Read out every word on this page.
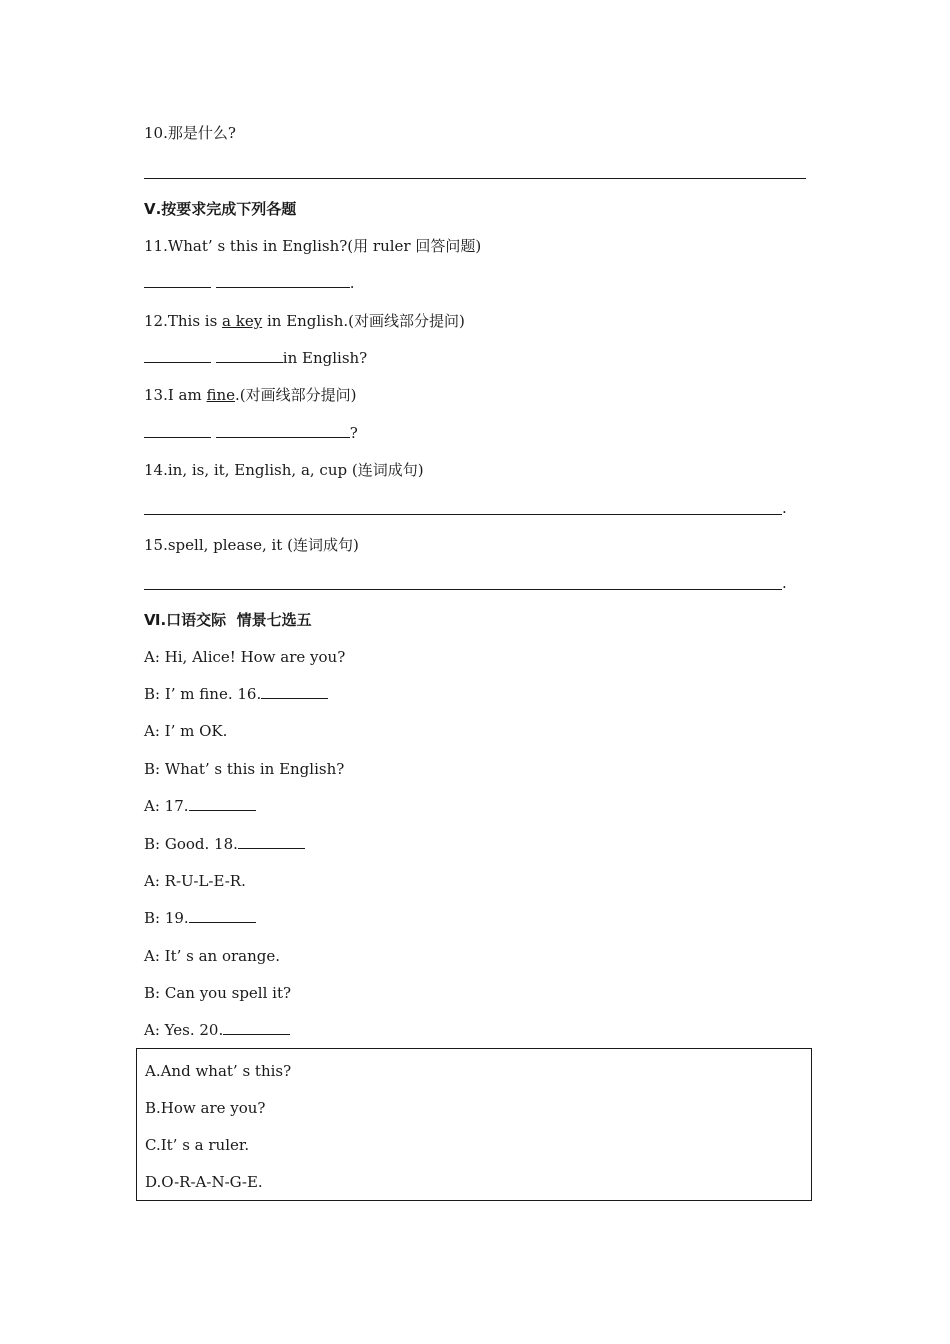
10.那是什么?
Ⅴ.按要求完成下列各题
11.What’ s this in English?(用 ruler 回答问题)
.
12.This is a key in English.(对画线部分提问)
in English?
13.I am fine.(对画线部分提问)
?
14.in, is, it, English, a, cup (连词成句)
.
15.spell, please, it (连词成句)
.
Ⅵ.口语交际  情景七选五
A: Hi, Alice! How are you?
B: I’ m fine. 16.
A: I’ m OK.
B: What’ s this in English?
A: 17.
B: Good. 18.
A: R-U-L-E-R.
B: 19.
A: It’ s an orange.
B: Can you spell it?
A: Yes. 20.
A.And what’ s this?
B.How are you?
C.It’ s a ruler.
D.O-R-A-N-G-E.
